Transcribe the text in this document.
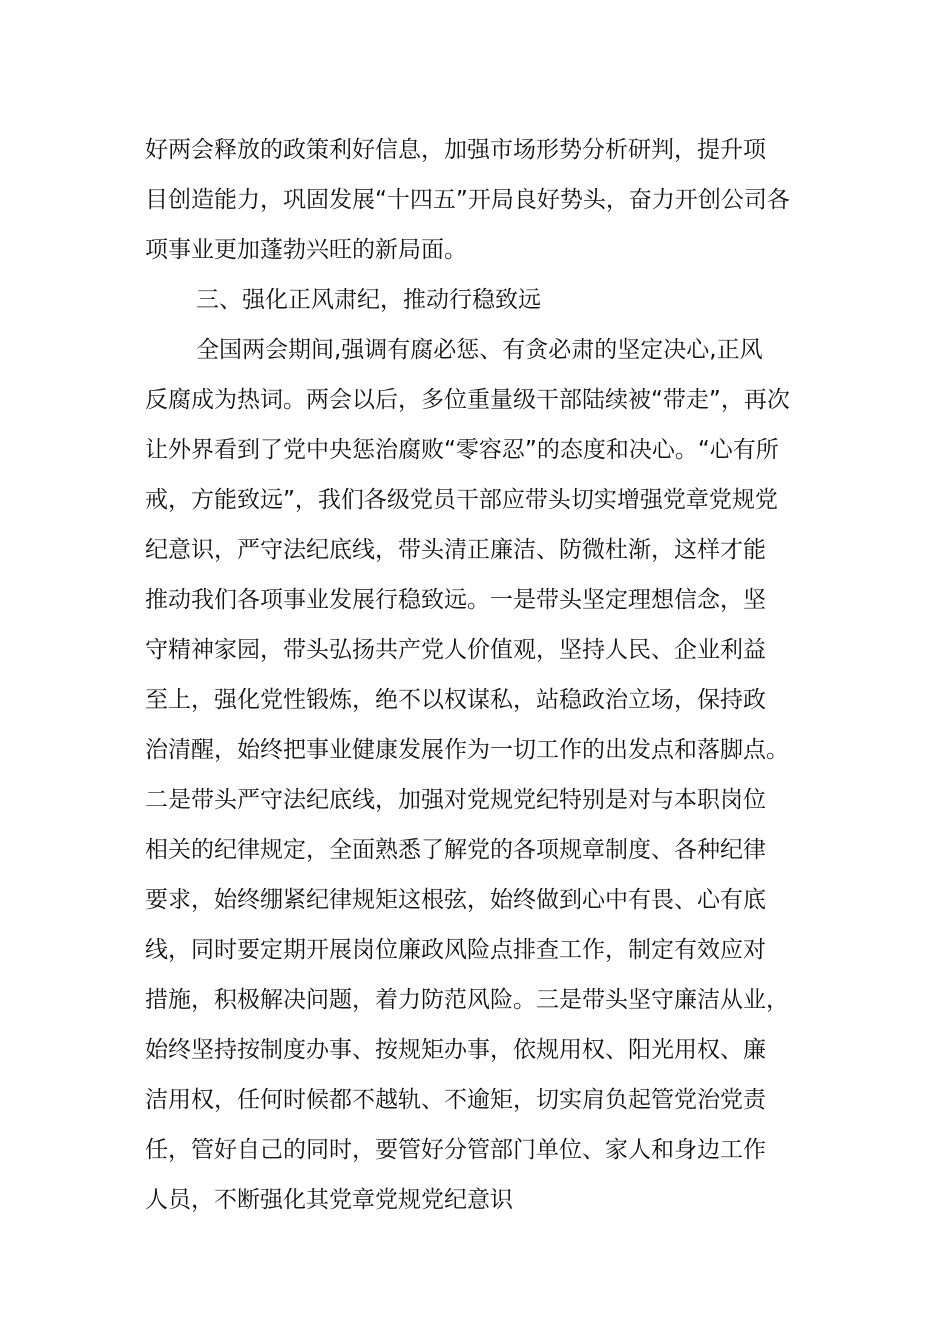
好两会释放的政策利好信息，加强市场形势分析研判，提升项
目创造能力，巩固发展“十四五”开局良好势头，奋力开创公司各
项事业更加蓬勃兴旺的新局面。
三、强化正风肃纪，推动行稳致远
全国两会期间,强调有腐必惩、有贪必肃的坚定决心,正风
反腐成为热词。两会以后，多位重量级干部陆续被“带走”，再次
让外界看到了党中央惩治腐败“零容忍”的态度和决心。“心有所
戒，方能致远”，我们各级党员干部应带头切实增强党章党规党
纪意识，严守法纪底线，带头清正廉洁、防微杜渐，这样才能
推动我们各项事业发展行稳致远。一是带头坚定理想信念，坚
守精神家园，带头弘扬共产党人价值观，坚持人民、企业利益
至上，强化党性锻炼，绝不以权谋私，站稳政治立场，保持政
治清醒，始终把事业健康发展作为一切工作的出发点和落脚点。
二是带头严守法纪底线，加强对党规党纪特别是对与本职岗位
相关的纪律规定，全面熟悉了解党的各项规章制度、各种纪律
要求，始终绷紧纪律规矩这根弦，始终做到心中有畏、心有底
线，同时要定期开展岗位廉政风险点排查工作，制定有效应对
措施，积极解决问题，着力防范风险。三是带头坚守廉洁从业，
始终坚持按制度办事、按规矩办事，依规用权、阳光用权、廉
洁用权，任何时候都不越轨、不逾矩，切实肩负起管党治党责
任，管好自己的同时，要管好分管部门单位、家人和身边工作
人员，不断强化其党章党规党纪意识
